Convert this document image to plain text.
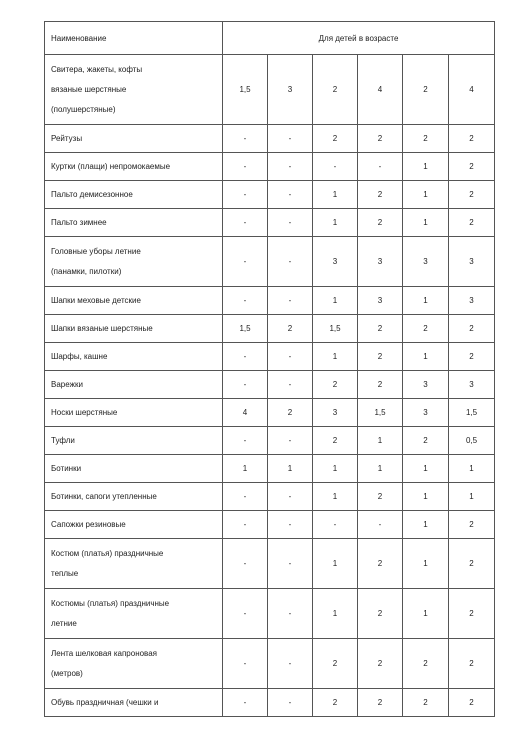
Наименование	Для детей в возрасте					

Свитера, жакеты, кофты
вязаные шерстяные
(полушерстяные)	1,5	3	2	4	2	4

Рейтузы	-	-	2	2	2	2

Куртки (плащи) непромокаемые	-	-	-	-	1	2

Пальто демисезонное	-	-	1	2	1	2

Пальто зимнее	-	-	1	2	1	2

Головные уборы летние
(панамки, пилотки)	-	-	3	3	3	3

Шапки меховые детские	-	-	1	3	1	3

Шапки вязаные шерстяные	1,5	2	1,5	2	2	2

Шарфы, кашне	-	-	1	2	1	2

Варежки	-	-	2	2	3	3

Носки шерстяные	4	2	3	1,5	3	1,5

Туфли	-	-	2	1	2	0,5

Ботинки	1	1	1	1	1	1

Ботинки, сапоги утепленные	-	-	1	2	1	1

Сапожки резиновые	-	-	-	-	1	2

Костюм (платья) праздничные
теплые	-	-	1	2	1	2

Костюмы (платья) праздничные
летние	-	-	1	2	1	2

Лента шелковая капроновая
(метров)	-	-	2	2	2	2

Обувь праздничная (чешки и	-	-	2	2	2	2
